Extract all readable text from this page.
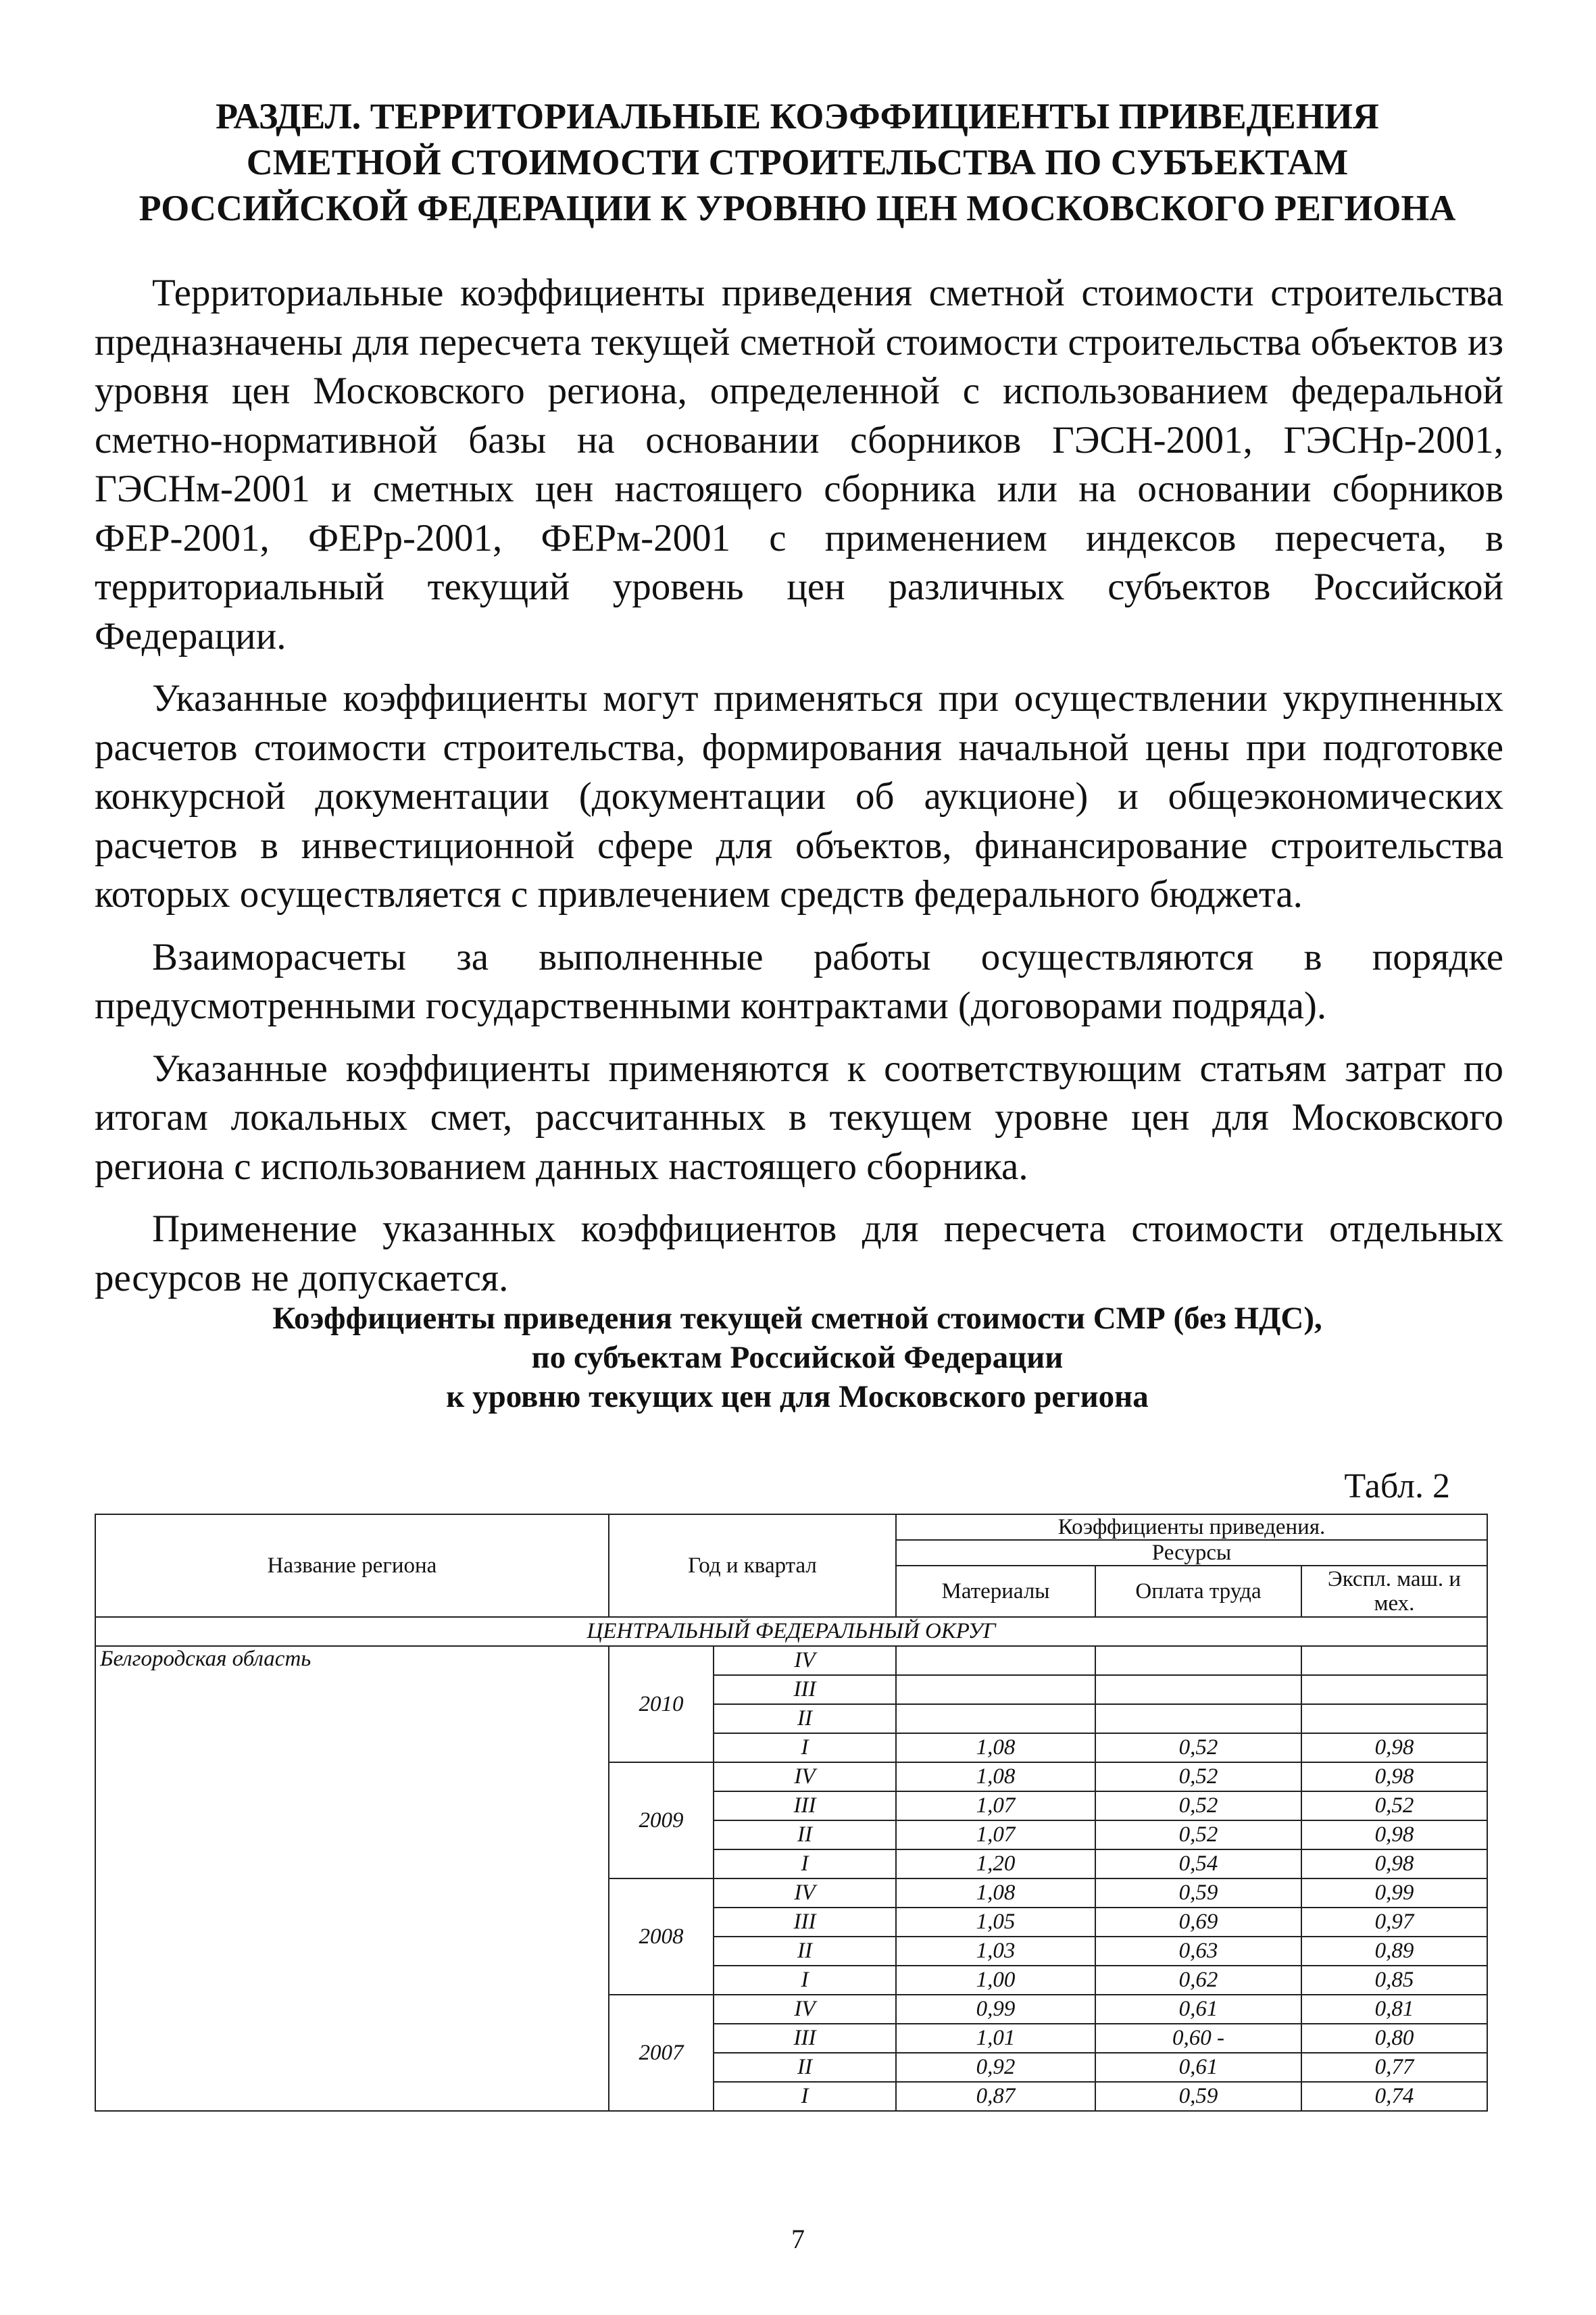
РАЗДЕЛ. ТЕРРИТОРИАЛЬНЫЕ КОЭФФИЦИЕНТЫ ПРИВЕДЕНИЯ
СМЕТНОЙ СТОИМОСТИ СТРОИТЕЛЬСТВА ПО СУБЪЕКТАМ
РОССИЙСКОЙ ФЕДЕРАЦИИ К УРОВНЮ ЦЕН МОСКОВСКОГО РЕГИОНА

Территориальные коэффициенты приведения сметной стоимости строительства предназначены для пересчета текущей сметной стоимости строительства объектов из уровня цен Московского региона, определенной с использованием федеральной сметно-нормативной базы на основании сборников ГЭСН-2001, ГЭСНр-2001, ГЭСНм-2001 и сметных цен настоящего сборника или на основании сборников ФЕР-2001, ФЕРр-2001, ФЕРм-2001 с применением индексов пересчета, в территориальный текущий уровень цен различных субъектов Российской Федерации.

Указанные коэффициенты могут применяться при осуществлении укрупненных расчетов стоимости строительства, формирования начальной цены при подготовке конкурсной документации (документации об аукционе) и общеэкономических расчетов в инвестиционной сфере для объектов, финансирование строительства которых осуществляется с привлечением средств федерального бюджета.

Взаиморасчеты за выполненные работы осуществляются в порядке предусмотренными государственными контрактами (договорами подряда).

Указанные коэффициенты применяются к соответствующим статьям затрат по итогам локальных смет, рассчитанных в текущем уровне цен для Московского региона с использованием данных настоящего сборника.

Применение указанных коэффициентов для пересчета стоимости отдельных ресурсов не допускается.

Коэффициенты приведения текущей сметной стоимости СМР (без НДС),
по субъектам Российской Федерации
к уровню текущих цен для Московского региона
Табл. 2
Название региона	Год и квартал		Коэффициенты приведения.		
			Ресурсы		
			Материалы	Оплата труда	Экспл. маш. и мех.
ЦЕНТРАЛЬНЫЙ ФЕДЕРАЛЬНЫЙ ОКРУГ					
Белгородская область	2010	IV			
		III			
		II			
		I	1,08	0,52	0,98
	2009	IV	1,08	0,52	0,98
		III	1,07	0,52	0,52
		II	1,07	0,52	0,98
		I	1,20	0,54	0,98
	2008	IV	1,08	0,59	0,99
		III	1,05	0,69	0,97
		II	1,03	0,63	0,89
		I	1,00	0,62	0,85
	2007	IV	0,99	0,61	0,81
		III	1,01	0,60 -	0,80
		II	0,92	0,61	0,77
		I	0,87	0,59	0,74
7
